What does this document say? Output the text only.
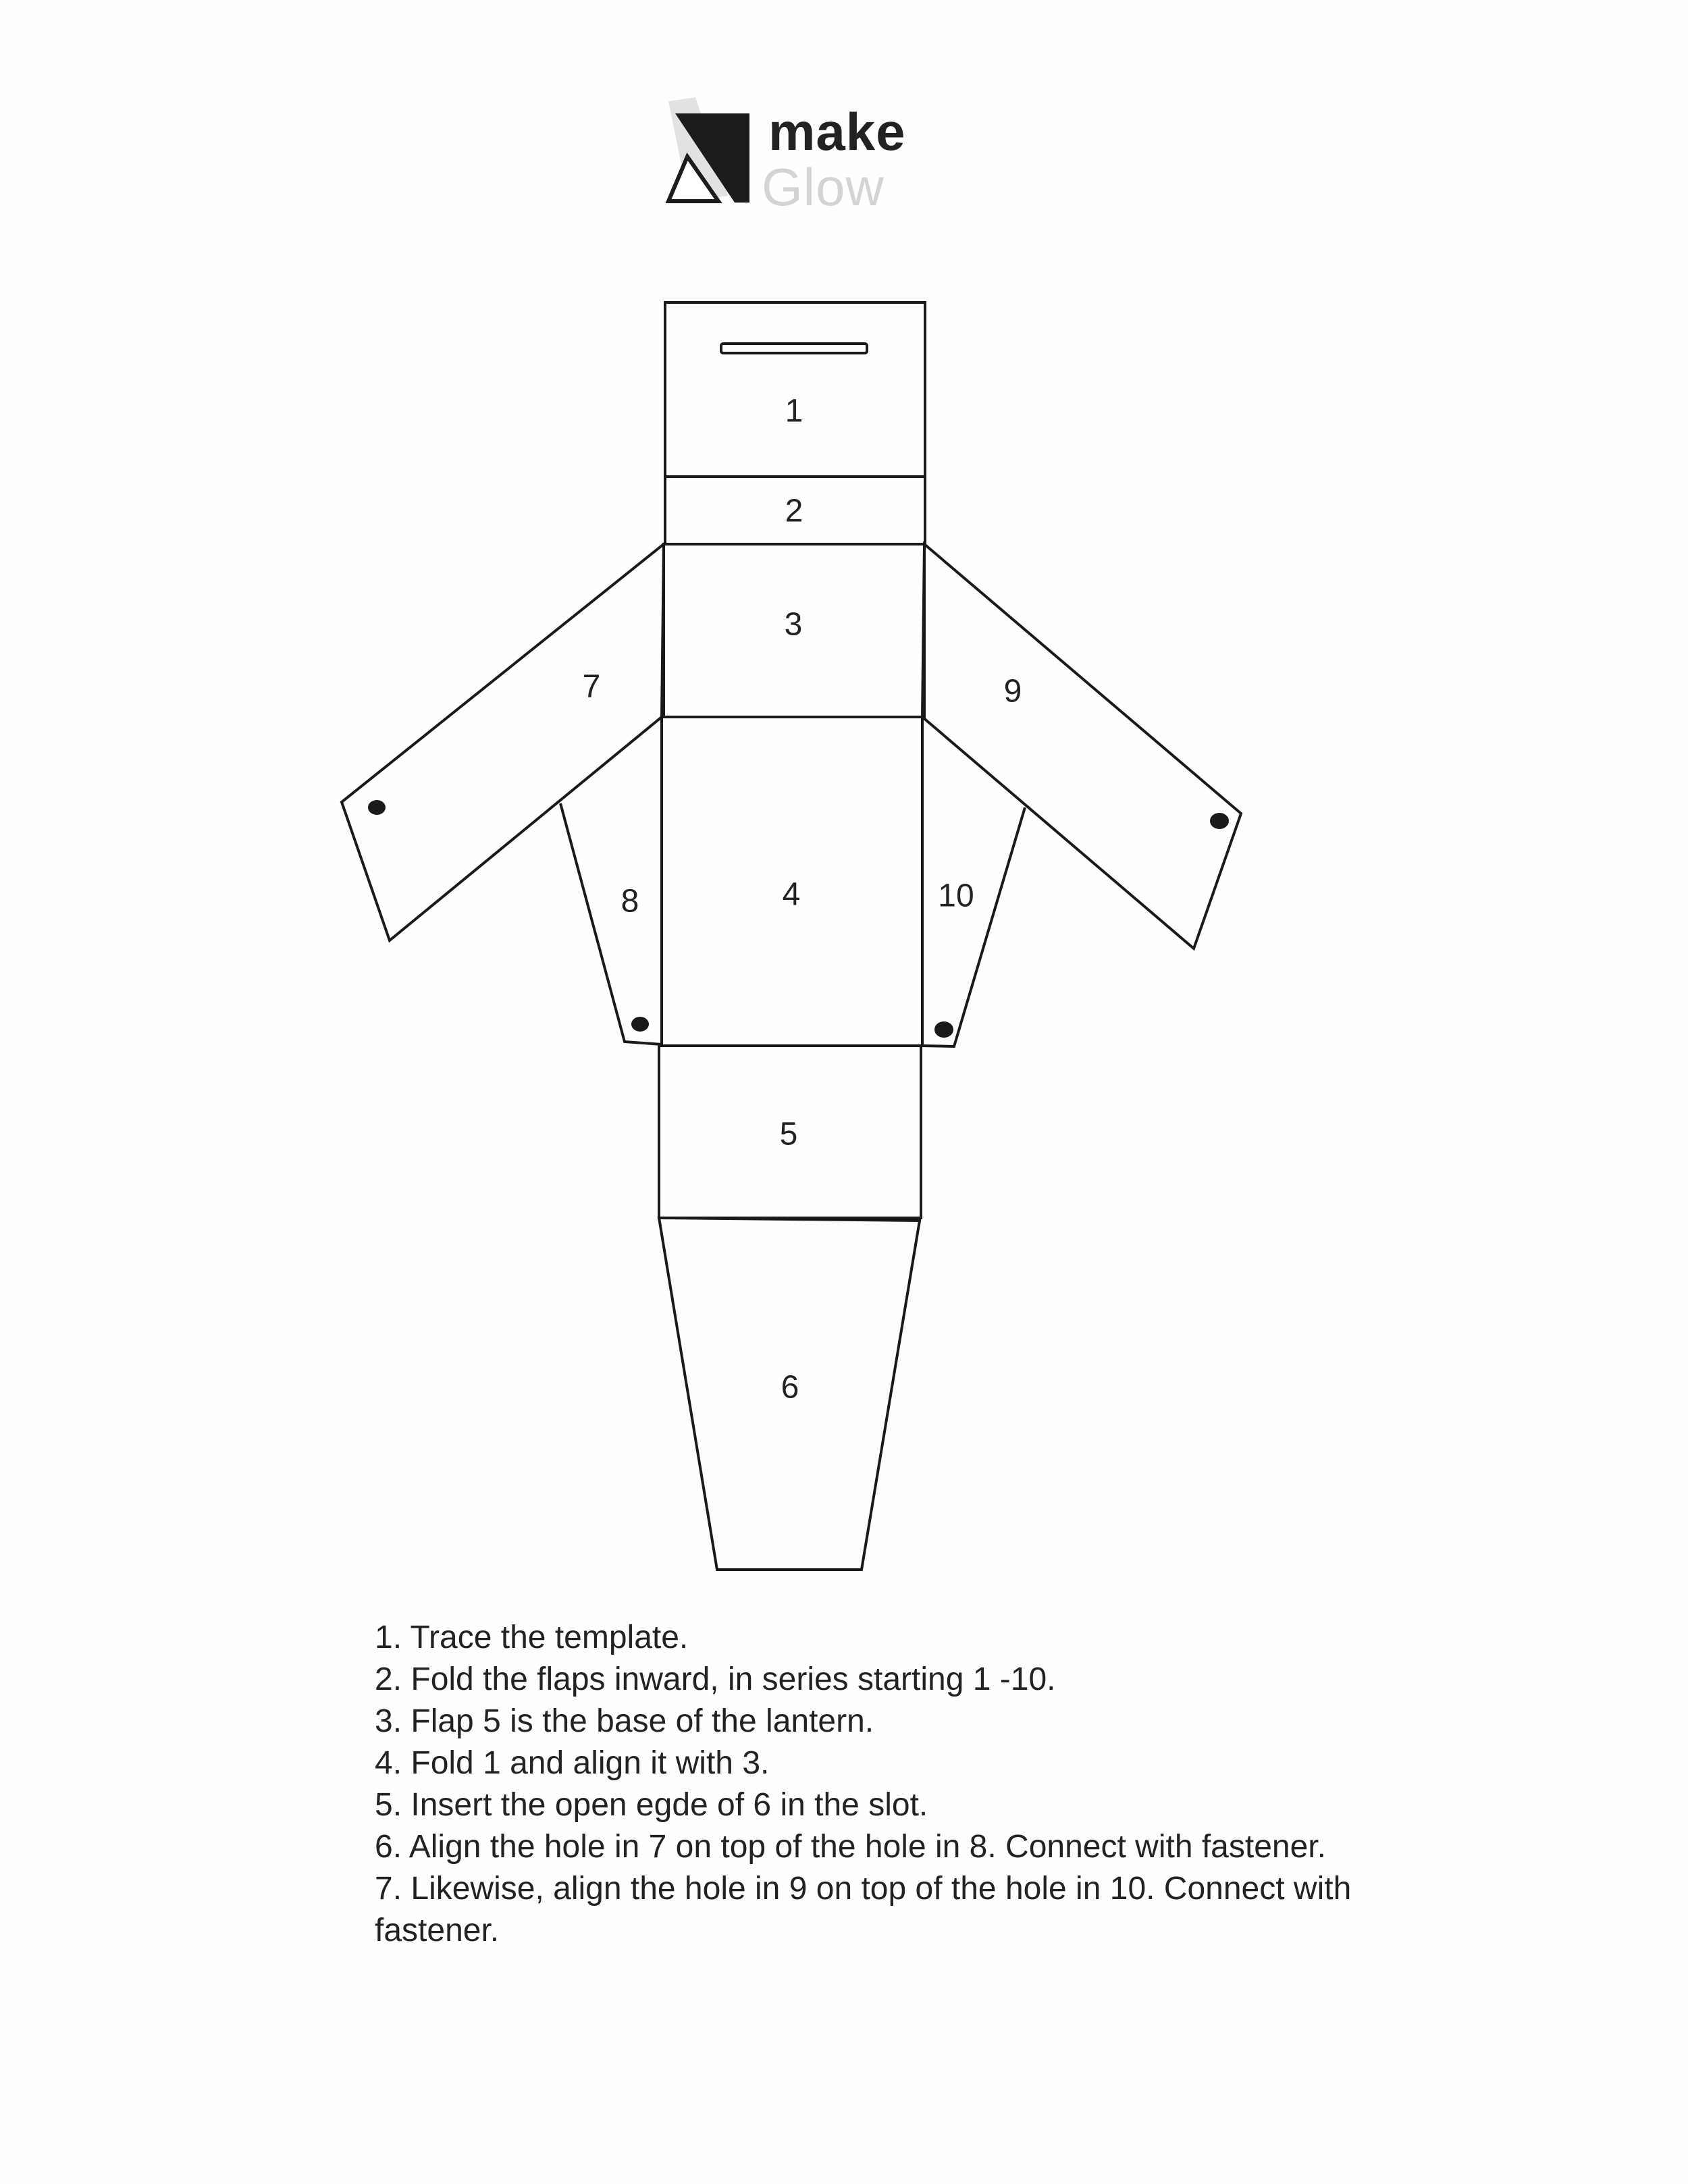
make
Glow
1
2
3
4
5
6
7
8
9
10
1. Trace the template.
2. Fold the flaps inward, in series starting 1 -10.
3. Flap 5 is the base of the lantern.
4. Fold 1 and align it with 3.
5. Insert the open egde of 6 in the slot.
6. Align the hole in 7 on top of the hole in 8. Connect with fastener.
7. Likewise, align the hole in 9 on top of the hole in 10. Connect with fastener.
